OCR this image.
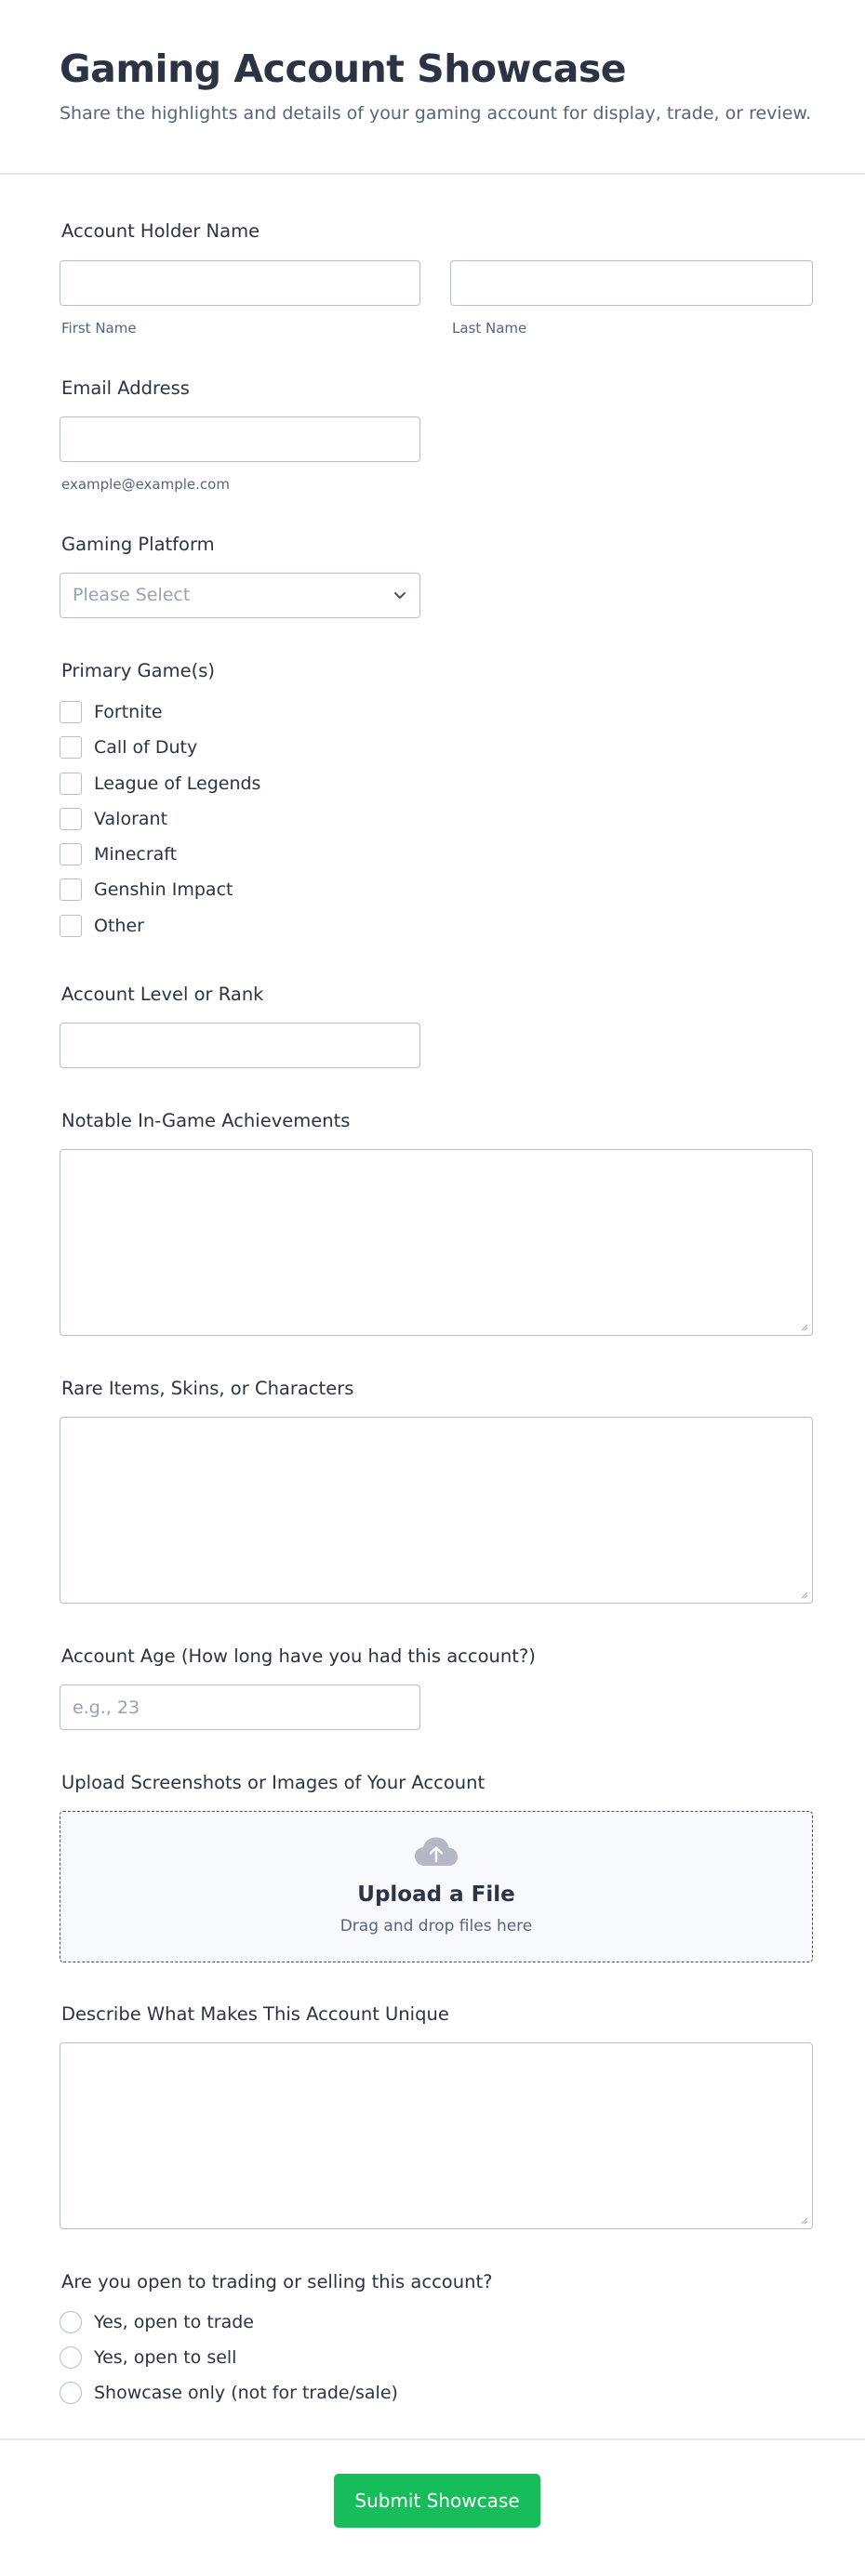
Gaming Account Showcase
Share the highlights and details of your gaming account for display, trade, or review.
Account Holder Name
First Name	Last Name
Email Address
example@example.com
Gaming Platform
Please Select
Primary Game(s)
Fortnite
Call of Duty
League of Legends
Valorant
Minecraft
Genshin Impact
Other
Account Level or Rank
Notable In-Game Achievements
Rare Items, Skins, or Characters
Account Age (How long have you had this account?)
e.g., 23
Upload Screenshots or Images of Your Account
Upload a File
Drag and drop files here
Describe What Makes This Account Unique
Are you open to trading or selling this account?
Yes, open to trade
Yes, open to sell
Showcase only (not for trade/sale)
Submit Showcase
